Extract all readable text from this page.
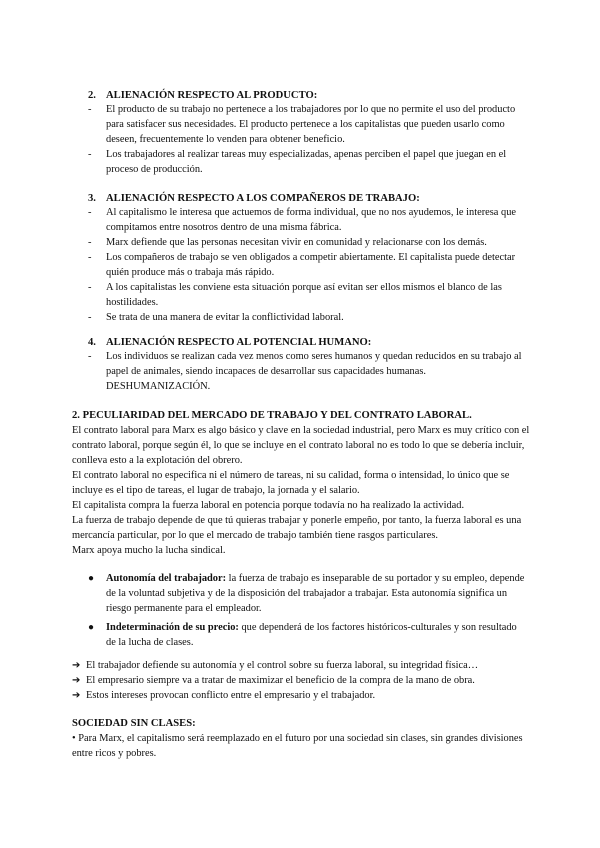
2. ALIENACIÓN RESPECTO AL PRODUCTO:
- El producto de su trabajo no pertenece a los trabajadores por lo que no permite el uso del producto para satisfacer sus necesidades. El producto pertenece a los capitalistas que pueden usarlo como deseen, frecuentemente lo venden para obtener beneficio.
- Los trabajadores al realizar tareas muy especializadas, apenas perciben el papel que juegan en el proceso de producción.
3. ALIENACIÓN RESPECTO A LOS COMPAÑEROS DE TRABAJO:
- Al capitalismo le interesa que actuemos de forma individual, que no nos ayudemos, le interesa que compitamos entre nosotros dentro de una misma fábrica.
- Marx defiende que las personas necesitan vivir en comunidad y relacionarse con los demás.
- Los compañeros de trabajo se ven obligados a competir abiertamente. El capitalista puede detectar quién produce más o trabaja más rápido.
- A los capitalistas les conviene esta situación porque así evitan ser ellos mismos el blanco de las hostilidades.
- Se trata de una manera de evitar la conflictividad laboral.
4. ALIENACIÓN RESPECTO AL POTENCIAL HUMANO:
- Los individuos se realizan cada vez menos como seres humanos y quedan reducidos en su trabajo al papel de animales, siendo incapaces de desarrollar sus capacidades humanas. DESHUMANIZACIÓN.
2. PECULIARIDAD DEL MERCADO DE TRABAJO Y DEL CONTRATO LABORAL.

El contrato laboral para Marx es algo básico y clave en la sociedad industrial, pero Marx es muy crítico con el contrato laboral, porque según él, lo que se incluye en el contrato laboral no es todo lo que se debería incluir, conlleva esto a la explotación del obrero.

El contrato laboral no especifica ni el número de tareas, ni su calidad, forma o intensidad, lo único que se incluye es el tipo de tareas, el lugar de trabajo, la jornada y el salario.

El capitalista compra la fuerza laboral en potencia porque todavía no ha realizado la actividad.

La fuerza de trabajo depende de que tú quieras trabajar y ponerle empeño, por tanto, la fuerza laboral es una mercancía particular, por lo que el mercado de trabajo también tiene rasgos particulares.

Marx apoya mucho la lucha sindical.

● Autonomía del trabajador: la fuerza de trabajo es inseparable de su portador y su empleo, depende de la voluntad subjetiva y de la disposición del trabajador a trabajar. Esta autonomía significa un riesgo permanente para el empleador.
● Indeterminación de su precio: que dependerá de los factores históricos-culturales y son resultado de la lucha de clases.
➔ El trabajador defiende su autonomía y el control sobre su fuerza laboral, su integridad física…
➔ El empresario siempre va a tratar de maximizar el beneficio de la compra de la mano de obra.
➔ Estos intereses provocan conflicto entre el empresario y el trabajador.
SOCIEDAD SIN CLASES:

• Para Marx, el capitalismo será reemplazado en el futuro por una sociedad sin clases, sin grandes divisiones entre ricos y pobres.
